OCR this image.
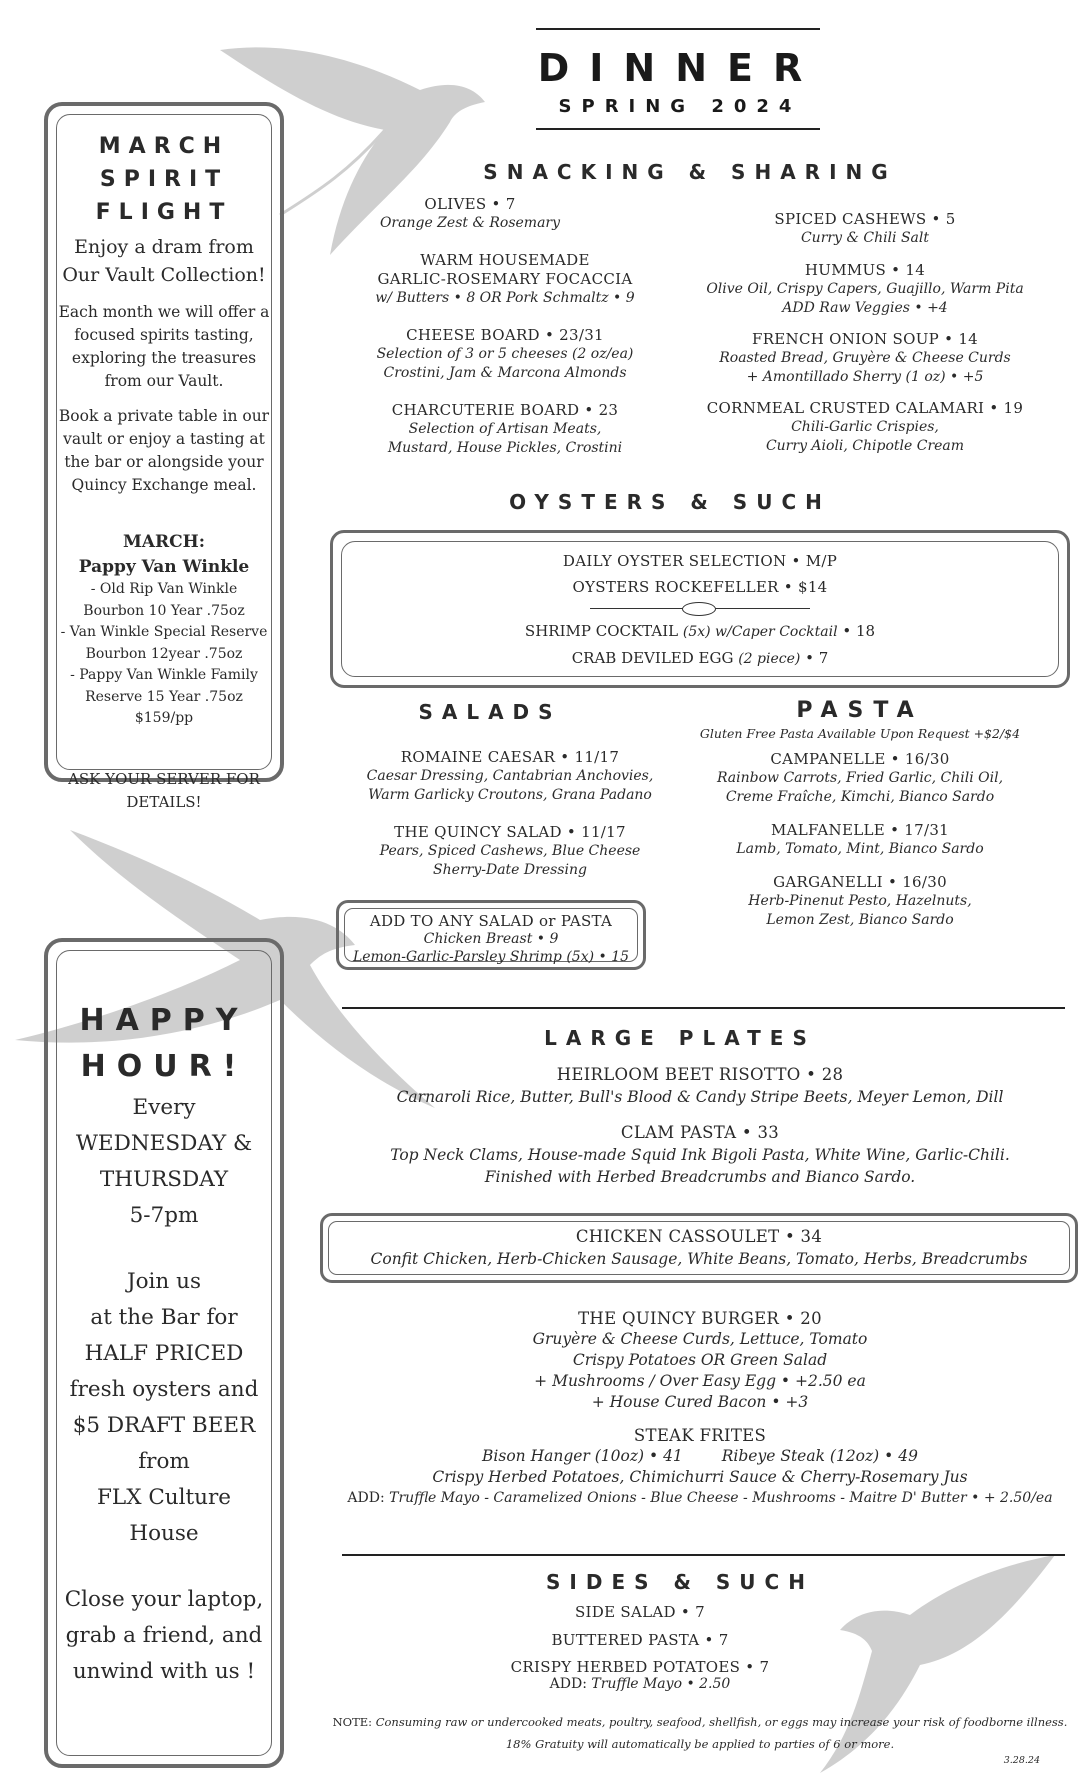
DINNER
SPRING 2024
MARCH
SPIRIT
FLIGHT
Enjoy a dram from Our Vault Collection!
Each month we will offer a focused spirits tasting, exploring the treasures from our Vault.
Book a private table in our vault or enjoy a tasting at the bar or alongside your Quincy Exchange meal.
MARCH:
Pappy Van Winkle
- Old Rip Van Winkle
Bourbon 10 Year .75oz
- Van Winkle Special Reserve
Bourbon 12year .75oz
- Pappy Van Winkle Family
Reserve 15 Year .75oz
$159/pp
ASK YOUR SERVER FOR DETAILS!
HAPPY
HOUR!
Every
WEDNESDAY &
THURSDAY
5-7pm
Join us
at the Bar for
HALF PRICED
fresh oysters and
$5 DRAFT BEER
from
FLX Culture
House
Close your laptop,
grab a friend, and
unwind with us !
SNACKING & SHARING
OLIVES • 7
Orange Zest & Rosemary
WARM HOUSEMADE
GARLIC-ROSEMARY FOCACCIA
w/ Butters • 8 OR Pork Schmaltz • 9
CHEESE BOARD • 23/31
Selection of 3 or 5 cheeses (2 oz/ea)
Crostini, Jam & Marcona Almonds
CHARCUTERIE BOARD • 23
Selection of Artisan Meats,
Mustard, House Pickles, Crostini
SPICED CASHEWS • 5
Curry & Chili Salt
HUMMUS • 14
Olive Oil, Crispy Capers, Guajillo, Warm Pita
ADD Raw Veggies • +4
FRENCH ONION SOUP • 14
Roasted Bread, Gruyère & Cheese Curds
+ Amontillado Sherry (1 oz) • +5
CORNMEAL CRUSTED CALAMARI • 19
Chili-Garlic Crispies,
Curry Aioli, Chipotle Cream
OYSTERS & SUCH
DAILY OYSTER SELECTION • M/P
OYSTERS ROCKEFELLER • $14
SHRIMP COCKTAIL (5x) w/Caper Cocktail • 18
CRAB DEVILED EGG (2 piece) • 7
SALADS
ROMAINE CAESAR • 11/17
Caesar Dressing, Cantabrian Anchovies,
Warm Garlicky Croutons, Grana Padano
THE QUINCY SALAD • 11/17
Pears, Spiced Cashews, Blue Cheese
Sherry-Date Dressing
ADD TO ANY SALAD or PASTA
Chicken Breast • 9
Lemon-Garlic-Parsley Shrimp (5x) • 15
PASTA
Gluten Free Pasta Available Upon Request +$2/$4
CAMPANELLE • 16/30
Rainbow Carrots, Fried Garlic, Chili Oil,
Creme Fraîche, Kimchi, Bianco Sardo
MALFANELLE • 17/31
Lamb, Tomato, Mint, Bianco Sardo
GARGANELLI • 16/30
Herb-Pinenut Pesto, Hazelnuts,
Lemon Zest, Bianco Sardo
LARGE PLATES
HEIRLOOM BEET RISOTTO • 28
Carnaroli Rice, Butter, Bull's Blood & Candy Stripe Beets, Meyer Lemon, Dill
CLAM PASTA • 33
Top Neck Clams, House-made Squid Ink Bigoli Pasta, White Wine, Garlic-Chili.
Finished with Herbed Breadcrumbs and Bianco Sardo.
CHICKEN CASSOULET • 34
Confit Chicken, Herb-Chicken Sausage, White Beans, Tomato, Herbs, Breadcrumbs
THE QUINCY BURGER • 20
Gruyère & Cheese Curds, Lettuce, Tomato
Crispy Potatoes OR Green Salad
+ Mushrooms / Over Easy Egg • +2.50 ea
+ House Cured Bacon • +3
STEAK FRITES
Bison Hanger (10oz) • 41	Ribeye Steak (12oz) • 49
Crispy Herbed Potatoes, Chimichurri Sauce & Cherry-Rosemary Jus
ADD: Truffle Mayo - Caramelized Onions - Blue Cheese - Mushrooms - Maitre D' Butter • + 2.50/ea
SIDES & SUCH
SIDE SALAD • 7
BUTTERED PASTA • 7
CRISPY HERBED POTATOES • 7
ADD: Truffle Mayo • 2.50
NOTE: Consuming raw or undercooked meats, poultry, seafood, shellfish, or eggs may increase your risk of foodborne illness.
18% Gratuity will automatically be applied to parties of 6 or more.
3.28.24
